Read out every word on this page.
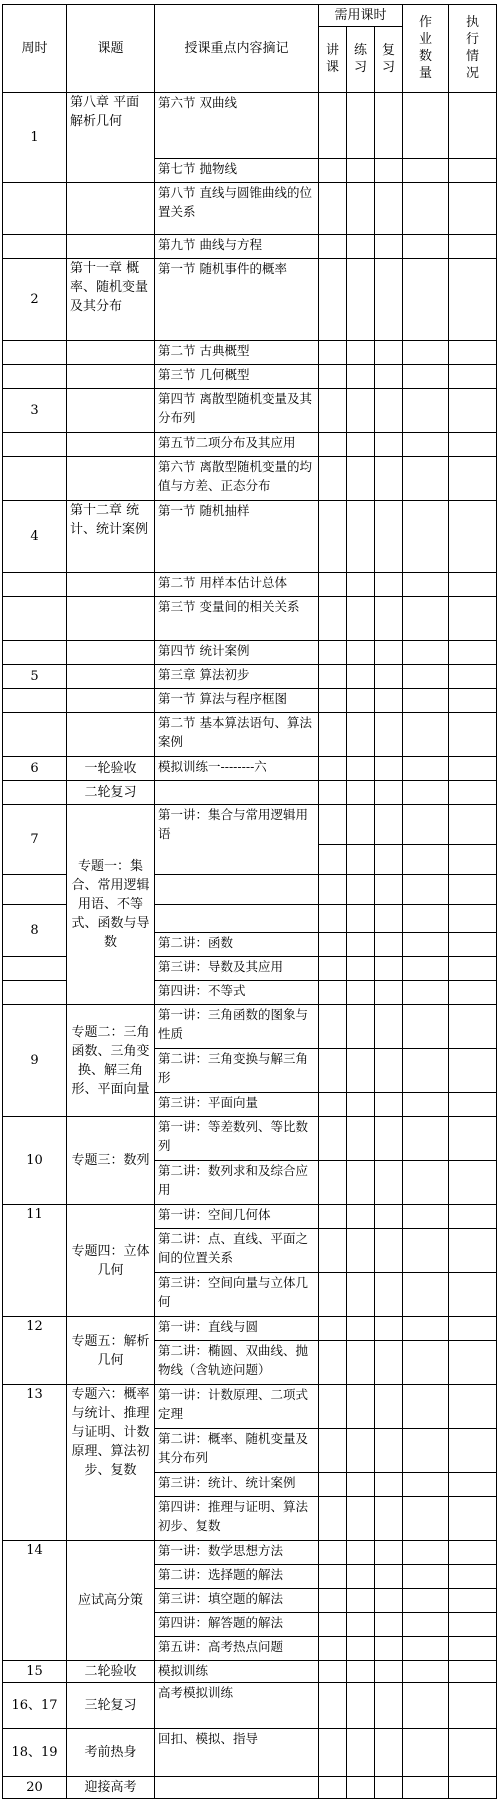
周时	课题	授课重点内容摘记	需用课时			作业数量	执行情况
			讲课	练习	复习		
1	第八章 平面解析几何	第六节 双曲线					
		第七节 抛物线					
		第八节 直线与圆锥曲线的位置关系					
		第九节 曲线与方程					
2	第十一章 概率、随机变量及其分布	第一节 随机事件的概率					
		第二节 古典概型					
		第三节 几何概型					
3		第四节 离散型随机变量及其分布列					
		第五节二项分布及其应用					
		第六节 离散型随机变量的均值与方差、正态分布					
4	第十二章 统计、统计案例	第一节 随机抽样					
		第二节 用样本估计总体					
		第三节 变量间的相关关系					
		第四节 统计案例					
5		第三章 算法初步					
		第一节 算法与程序框图					
		第二节 基本算法语句、算法案例					
6	一轮验收	模拟训练一--------六					
	二轮复习						
7	专题一：集合、常用逻辑用语、不等式、函数与导数	第一讲：集合与常用逻辑用语					

8							
		第二讲：函数					
		第三讲：导数及其应用					
		第四讲：不等式					
9	专题二：三角函数、三角变换、解三角形、平面向量	第一讲：三角函数的图象与性质					
		第二讲：三角变换与解三角形					
		第三讲：平面向量					
10	专题三：数列	第一讲：等差数列、等比数列					
		第二讲：数列求和及综合应用					
11	专题四：立体几何	第一讲：空间几何体					
		第二讲：点、直线、平面之间的位置关系					
		第三讲：空间向量与立体几何					
12	专题五：解析几何	第一讲：直线与圆					
		第二讲：椭圆、双曲线、抛物线（含轨迹问题）					
13	专题六：概率与统计、推理与证明、计数原理、算法初步、复数	第一讲：计数原理、二项式定理					
		第二讲：概率、随机变量及其分布列					
		第三讲：统计、统计案例					
		第四讲：推理与证明、算法初步、复数					
14	应试高分策	第一讲：数学思想方法					
		第二讲：选择题的解法					
		第三讲：填空题的解法					
		第四讲：解答题的解法					
		第五讲：高考热点问题					
15	二轮验收	模拟训练					
16、17	三轮复习	高考模拟训练					
18、19	考前热身	回扣、模拟、指导					
20	迎接高考						
